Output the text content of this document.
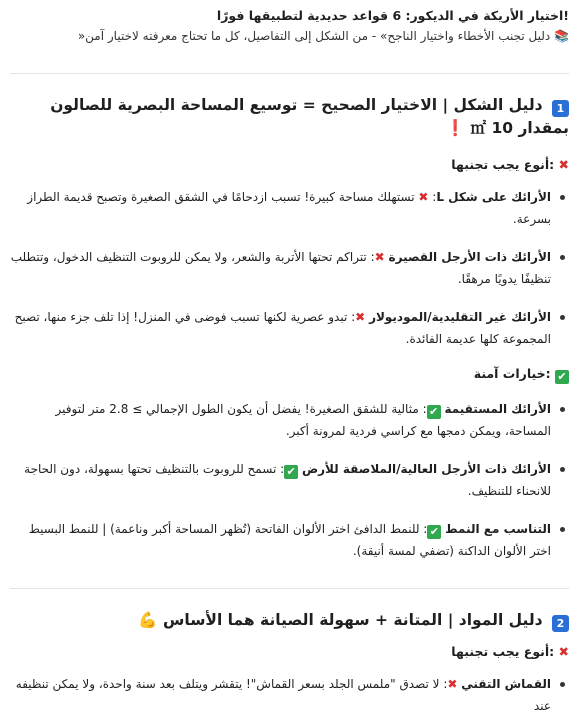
!اختيار الأريكة في الديكور: 6 قواعد حديدية لتطبيقها فورًا
📚 دليل تجنب الأخطاء واختيار الناجح» - من الشكل إلى التفاصيل، كل ما تحتاج معرفته لاختيار آمن«
1 دليل الشكل | الاختيار الصحيح = توسيع المساحة البصرية للصالون بمقدار 10 ㎡ ❗
✖ :أنوع يجب تجنبها
الأرائك على شكل L: ✖ تستهلك مساحة كبيرة! تسبب ازدحامًا في الشقق الصغيرة وتصبح قديمة الطراز بسرعة.
الأرائك ذات الأرجل القصيرة ✖: تتراكم تحتها الأتربة والشعر، ولا يمكن للروبوت التنظيف الدخول، وتتطلب تنظيفًا يدويًا مرهقًا.
الأرائك غير التقليدية/الموديولار ✖: تبدو عصرية لكنها تسبب فوضى في المنزل! إذا تلف جزء منها، تصبح المجموعة كلها عديمة الفائدة.
✔ :خيارات آمنة
الأرائك المستقيمة ✔: مثالية للشقق الصغيرة! يفضل أن يكون الطول الإجمالي ≥ 2.8 متر لتوفير المساحة، ويمكن دمجها مع كراسي فردية لمرونة أكبر.
الأرائك ذات الأرجل العالية/الملاصقة للأرض ✔: تسمح للروبوت بالتنظيف تحتها بسهولة، دون الحاجة للانحناء للتنظيف.
التناسب مع النمط ✔: للنمط الدافئ اختر الألوان الفاتحة (تُظهر المساحة أكبر وناعمة) | للنمط البسيط اختر الألوان الداكنة (تضفي لمسة أنيقة).
2 دليل المواد | المتانة + سهولة الصيانة هما الأساس 💪
✖ :أنوع يجب تجنبها
القماش التقني ✖: لا تصدق "ملمس الجلد بسعر القماش"! يتقشر ويتلف بعد سنة واحدة، ولا يمكن تنظيفه عند
